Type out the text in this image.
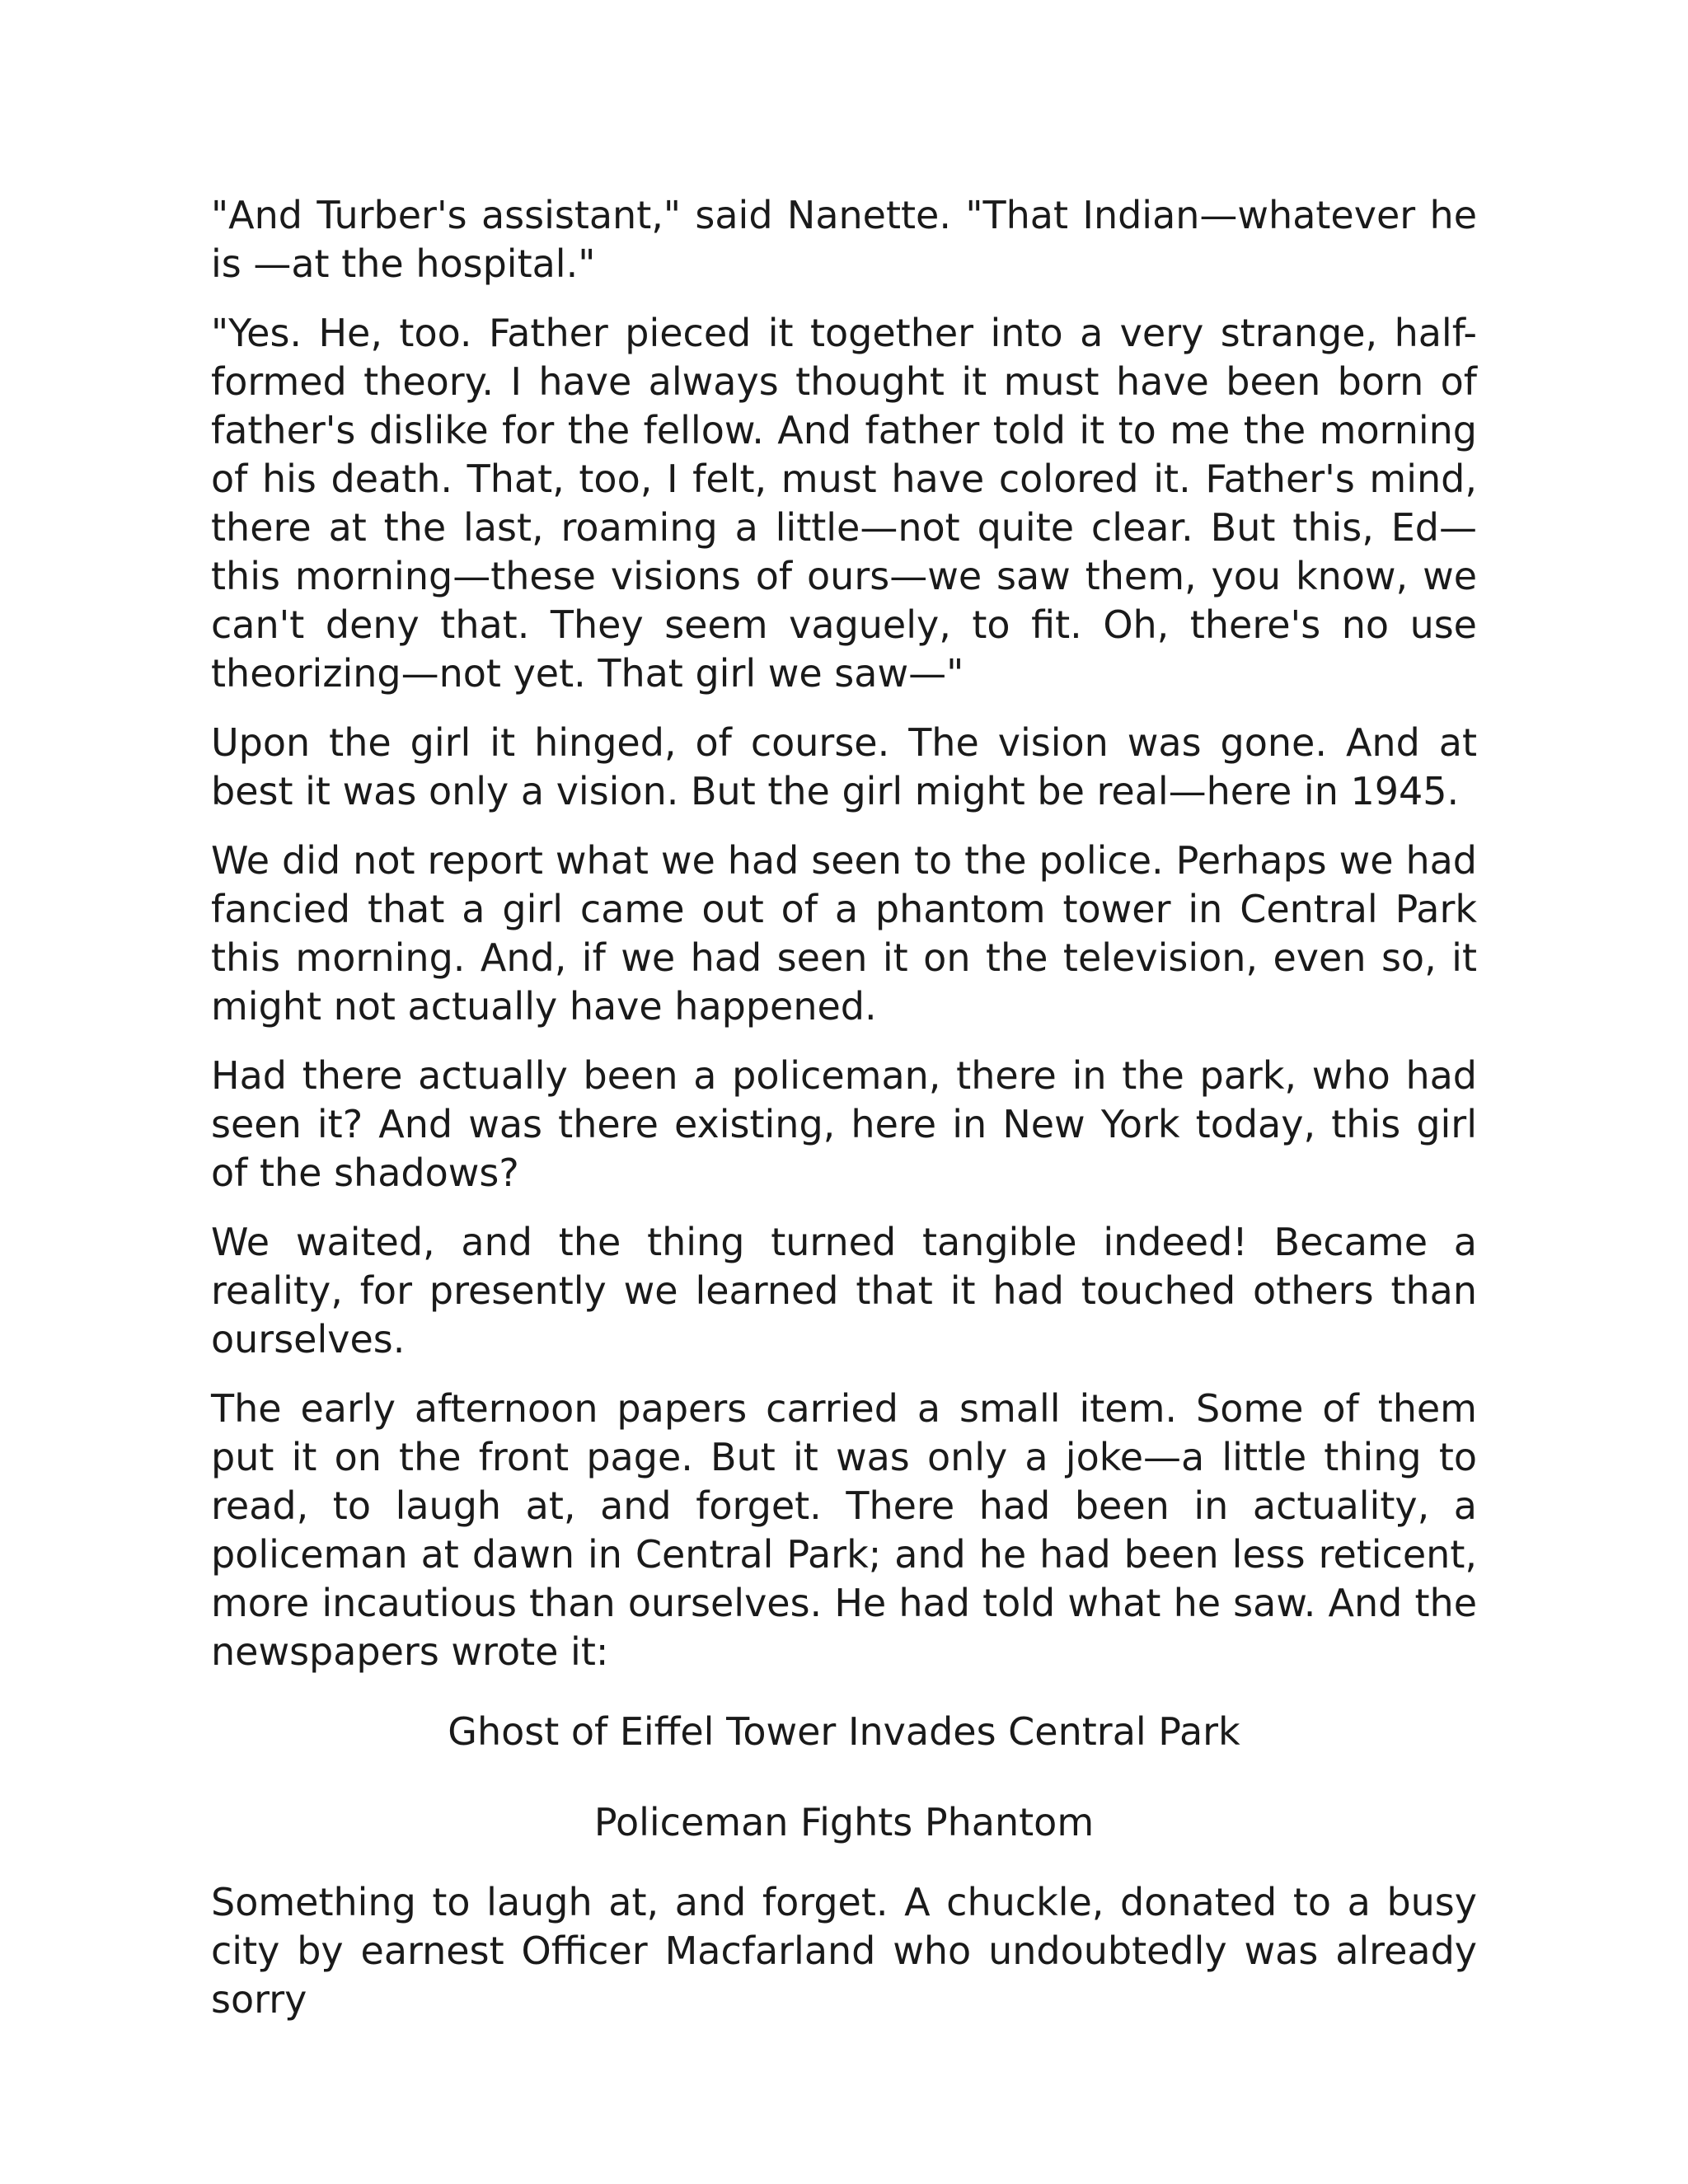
"And Turber's assistant," said Nanette. "That Indian—whatever he is —at the hospital."

"Yes. He, too. Father pieced it together into a very strange, half-formed theory. I have always thought it must have been born of father's dislike for the fellow. And father told it to me the morning of his death. That, too, I felt, must have colored it. Father's mind, there at the last, roaming a little—not quite clear. But this, Ed—this morning—these visions of ours—we saw them, you know, we can't deny that. They seem vaguely, to fit. Oh, there's no use theorizing—not yet. That girl we saw—"

Upon the girl it hinged, of course. The vision was gone. And at best it was only a vision. But the girl might be real—here in 1945.

We did not report what we had seen to the police. Perhaps we had fancied that a girl came out of a phantom tower in Central Park this morning. And, if we had seen it on the television, even so, it might not actually have happened.

Had there actually been a policeman, there in the park, who had seen it? And was there existing, here in New York today, this girl of the shadows?

We waited, and the thing turned tangible indeed! Became a reality, for presently we learned that it had touched others than ourselves.

The early afternoon papers carried a small item. Some of them put it on the front page. But it was only a joke—a little thing to read, to laugh at, and forget. There had been in actuality, a policeman at dawn in Central Park; and he had been less reticent, more incautious than ourselves. He had told what he saw. And the newspapers wrote it:

Ghost of Eiffel Tower Invades Central Park

Policeman Fights Phantom

Something to laugh at, and forget. A chuckle, donated to a busy city by earnest Officer Macfarland who undoubtedly was already sorry
